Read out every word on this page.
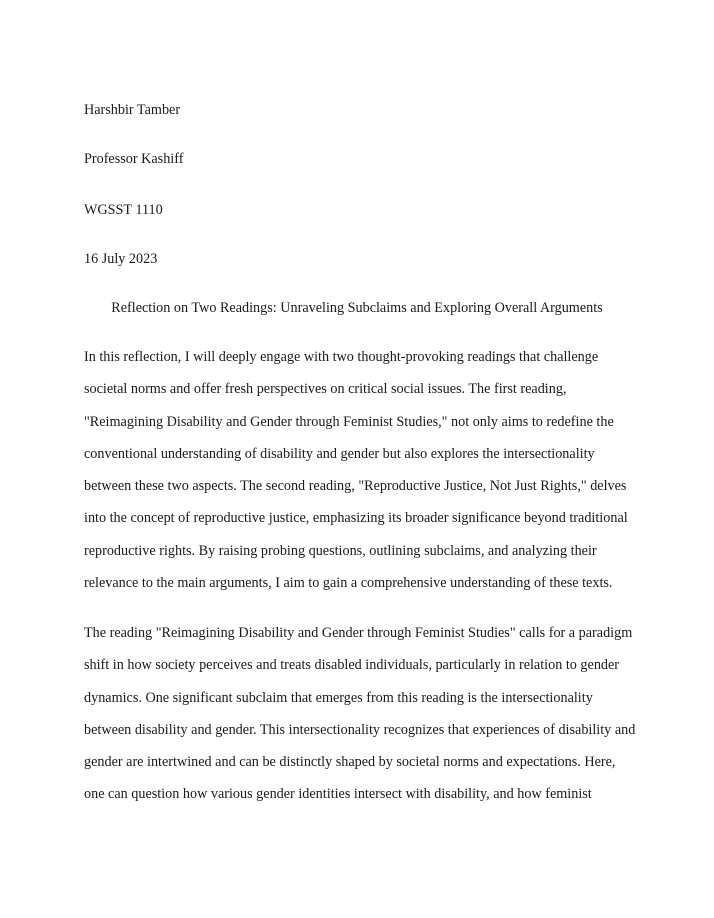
Harshbir Tamber
Professor Kashiff
WGSST 1110
16 July 2023
Reflection on Two Readings: Unraveling Subclaims and Exploring Overall Arguments
In this reflection, I will deeply engage with two thought-provoking readings that challenge
societal norms and offer fresh perspectives on critical social issues. The first reading,
"Reimagining Disability and Gender through Feminist Studies," not only aims to redefine the
conventional understanding of disability and gender but also explores the intersectionality
between these two aspects. The second reading, "Reproductive Justice, Not Just Rights," delves
into the concept of reproductive justice, emphasizing its broader significance beyond traditional
reproductive rights. By raising probing questions, outlining subclaims, and analyzing their
relevance to the main arguments, I aim to gain a comprehensive understanding of these texts.
The reading "Reimagining Disability and Gender through Feminist Studies" calls for a paradigm
shift in how society perceives and treats disabled individuals, particularly in relation to gender
dynamics. One significant subclaim that emerges from this reading is the intersectionality
between disability and gender. This intersectionality recognizes that experiences of disability and
gender are intertwined and can be distinctly shaped by societal norms and expectations. Here,
one can question how various gender identities intersect with disability, and how feminist
